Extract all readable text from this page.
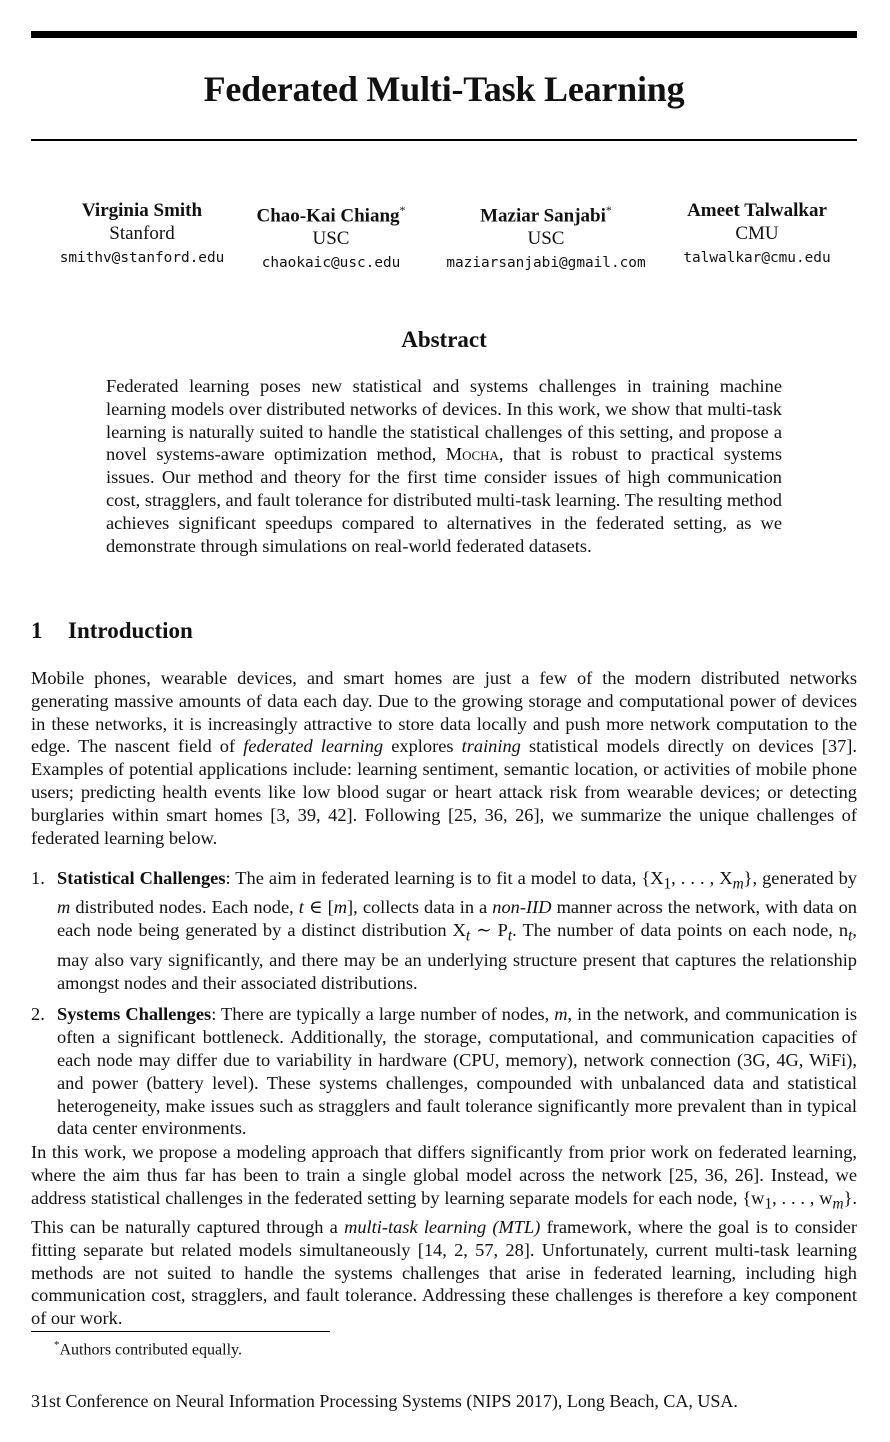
Federated Multi-Task Learning
Virginia Smith
Stanford
smithv@stanford.edu
Chao-Kai Chiang*
USC
chaokaic@usc.edu
Maziar Sanjabi*
USC
maziarsanjabi@gmail.com
Ameet Talwalkar
CMU
talwalkar@cmu.edu
Abstract
Federated learning poses new statistical and systems challenges in training machine learning models over distributed networks of devices. In this work, we show that multi-task learning is naturally suited to handle the statistical challenges of this setting, and propose a novel systems-aware optimization method, Mocha, that is robust to practical systems issues. Our method and theory for the first time consider issues of high communication cost, stragglers, and fault tolerance for distributed multi-task learning. The resulting method achieves significant speedups compared to alternatives in the federated setting, as we demonstrate through simulations on real-world federated datasets.
1 Introduction
Mobile phones, wearable devices, and smart homes are just a few of the modern distributed networks generating massive amounts of data each day. Due to the growing storage and computational power of devices in these networks, it is increasingly attractive to store data locally and push more network computation to the edge. The nascent field of federated learning explores training statistical models directly on devices [37]. Examples of potential applications include: learning sentiment, semantic location, or activities of mobile phone users; predicting health events like low blood sugar or heart attack risk from wearable devices; or detecting burglaries within smart homes [3, 39, 42]. Following [25, 36, 26], we summarize the unique challenges of federated learning below.
1. Statistical Challenges: The aim in federated learning is to fit a model to data, {$X_1$, . . . , $X_m$}, generated by m distributed nodes. Each node, t ∈ [m], collects data in a non-IID manner across the network, with data on each node being generated by a distinct distribution $X_t$ ∼ $P_t$. The number of data points on each node, $n_t$, may also vary significantly, and there may be an underlying structure present that captures the relationship amongst nodes and their associated distributions.
2. Systems Challenges: There are typically a large number of nodes, m, in the network, and communication is often a significant bottleneck. Additionally, the storage, computational, and communication capacities of each node may differ due to variability in hardware (CPU, memory), network connection (3G, 4G, WiFi), and power (battery level). These systems challenges, compounded with unbalanced data and statistical heterogeneity, make issues such as stragglers and fault tolerance significantly more prevalent than in typical data center environments.
In this work, we propose a modeling approach that differs significantly from prior work on federated learning, where the aim thus far has been to train a single global model across the network [25, 36, 26]. Instead, we address statistical challenges in the federated setting by learning separate models for each node, {$w_1$, . . . , $w_m$}. This can be naturally captured through a multi-task learning (MTL) framework, where the goal is to consider fitting separate but related models simultaneously [14, 2, 57, 28]. Unfortunately, current multi-task learning methods are not suited to handle the systems challenges that arise in federated learning, including high communication cost, stragglers, and fault tolerance. Addressing these challenges is therefore a key component of our work.
*Authors contributed equally.
31st Conference on Neural Information Processing Systems (NIPS 2017), Long Beach, CA, USA.
